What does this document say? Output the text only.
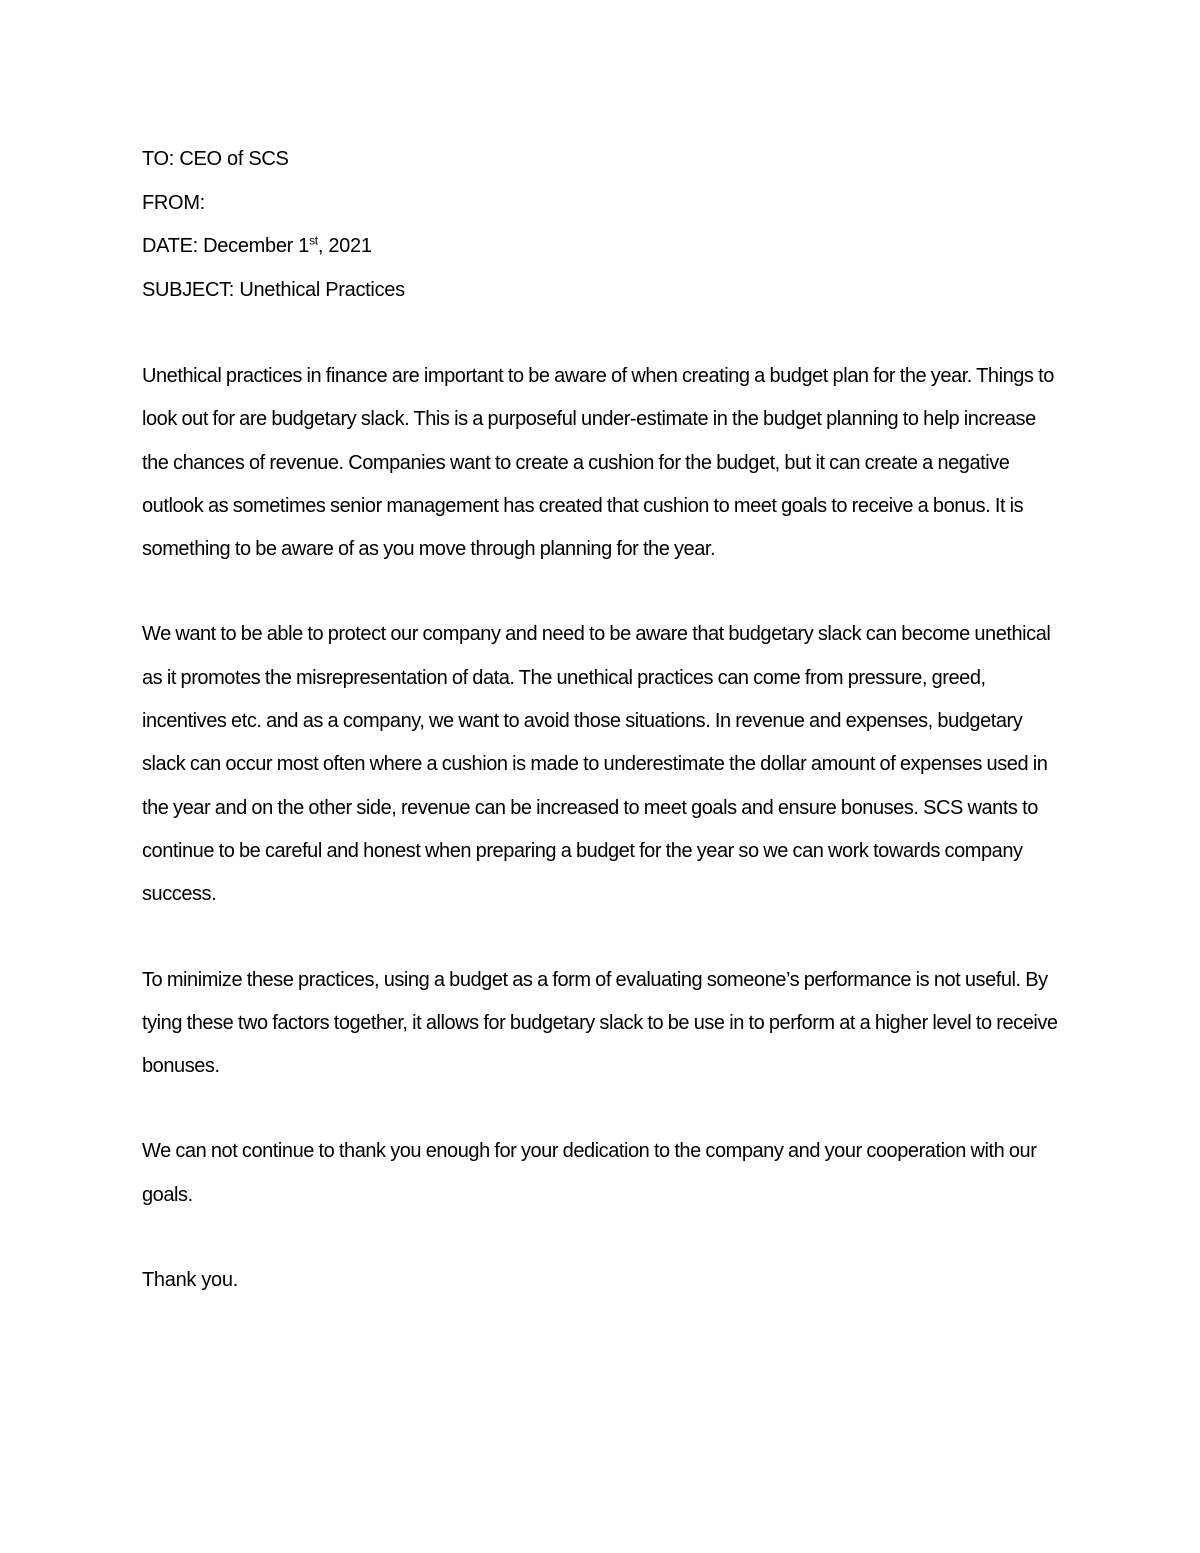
TO: CEO of SCS
FROM:
DATE: December 1st, 2021
SUBJECT: Unethical Practices

Unethical practices in finance are important to be aware of when creating a budget plan for the year. Things to look out for are budgetary slack. This is a purposeful under-estimate in the budget planning to help increase the chances of revenue. Companies want to create a cushion for the budget, but it can create a negative outlook as sometimes senior management has created that cushion to meet goals to receive a bonus. It is something to be aware of as you move through planning for the year.

We want to be able to protect our company and need to be aware that budgetary slack can become unethical as it promotes the misrepresentation of data. The unethical practices can come from pressure, greed, incentives etc. and as a company, we want to avoid those situations. In revenue and expenses, budgetary slack can occur most often where a cushion is made to underestimate the dollar amount of expenses used in the year and on the other side, revenue can be increased to meet goals and ensure bonuses. SCS wants to continue to be careful and honest when preparing a budget for the year so we can work towards company success.

To minimize these practices, using a budget as a form of evaluating someone’s performance is not useful. By tying these two factors together, it allows for budgetary slack to be use in to perform at a higher level to receive bonuses.

We can not continue to thank you enough for your dedication to the company and your cooperation with our goals.

Thank you.
